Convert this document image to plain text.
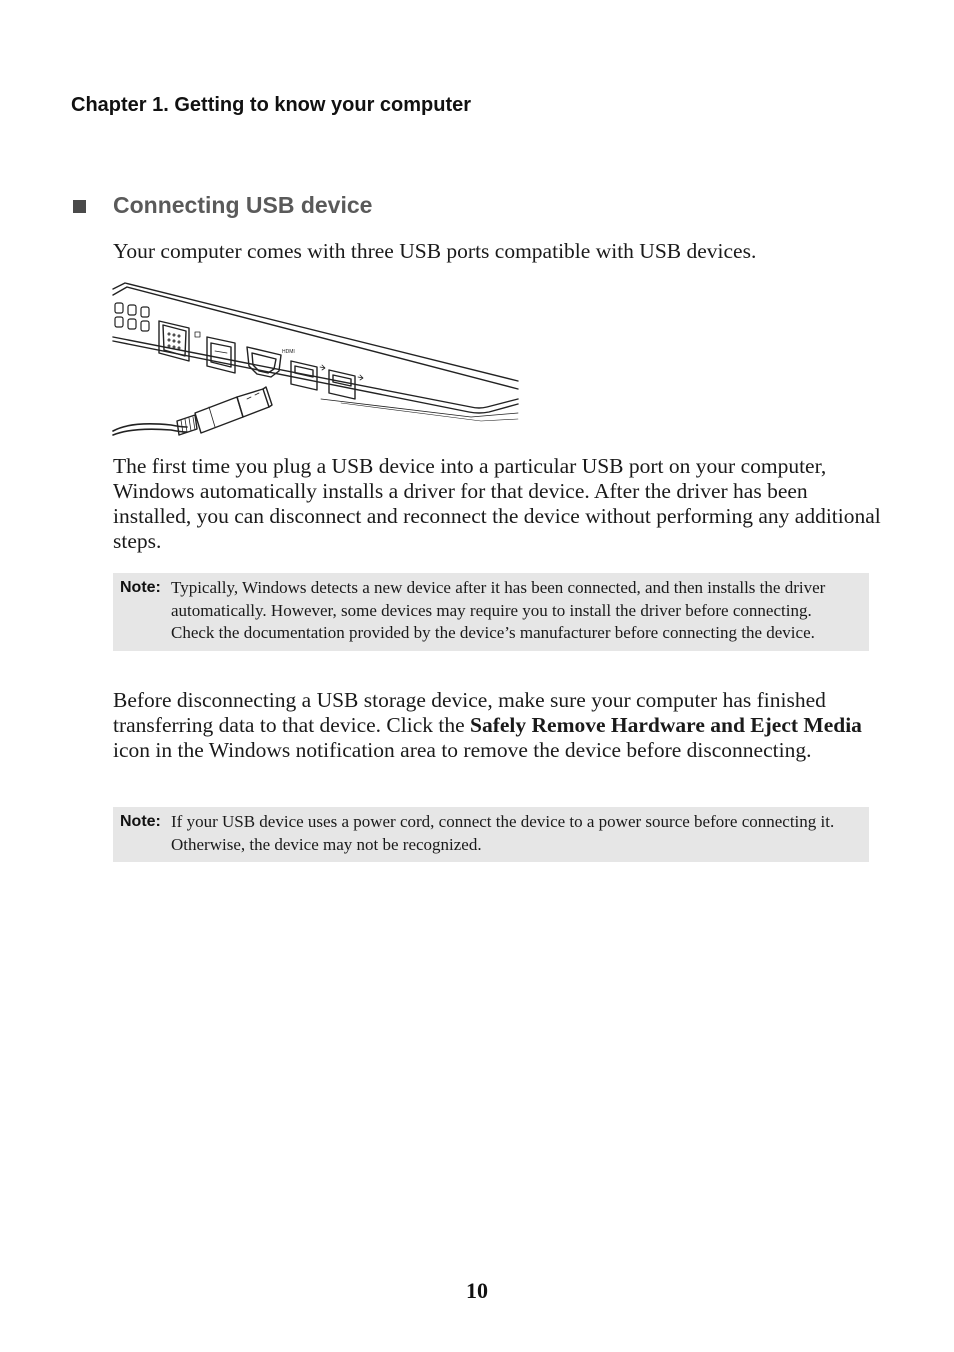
Chapter 1. Getting to know your computer
Connecting USB device

Your computer comes with three USB ports compatible with USB devices.

HDMI

The first time you plug a USB device into a particular USB port on your computer, Windows automatically installs a driver for that device. After the driver has been installed, you can disconnect and reconnect the device without performing any additional steps.

Note: Typically, Windows detects a new device after it has been connected, and then installs the driver automatically. However, some devices may require you to install the driver before connecting. Check the documentation provided by the device’s manufacturer before connecting the device.

Before disconnecting a USB storage device, make sure your computer has finished transferring data to that device. Click the Safely Remove Hardware and Eject Media icon in the Windows notification area to remove the device before disconnecting.

Note: If your USB device uses a power cord, connect the device to a power source before connecting it. Otherwise, the device may not be recognized.
10
